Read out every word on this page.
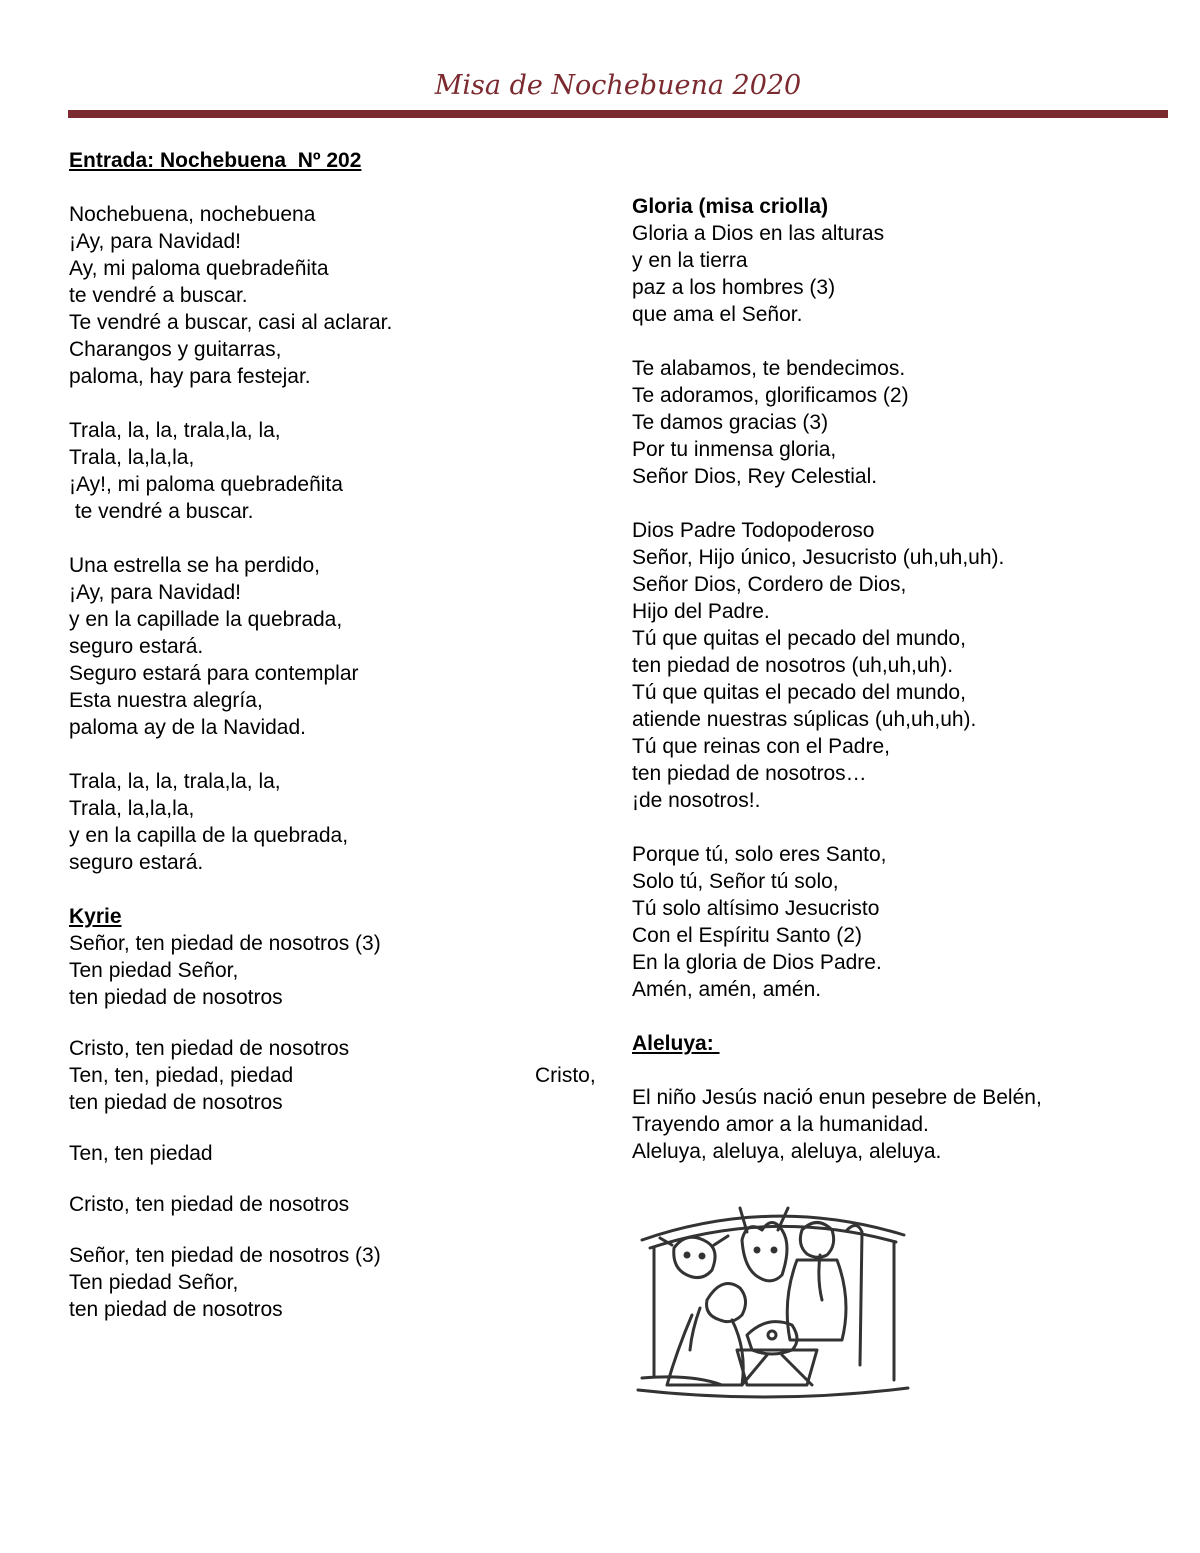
Misa de Nochebuena 2020
Entrada: Nochebuena  Nº 202
Nochebuena, nochebuena
¡Ay, para Navidad!
Ay, mi paloma quebradeñita
te vendré a buscar.
Te vendré a buscar, casi al aclarar.
Charangos y guitarras,
paloma, hay para festejar.
Trala, la, la, trala,la, la,
Trala, la,la,la,
¡Ay!, mi paloma quebradeñita
te vendré a buscar.
Una estrella se ha perdido,
¡Ay, para Navidad!
y en la capillade la quebrada,
seguro estará.
Seguro estará para contemplar
Esta nuestra alegría,
paloma ay de la Navidad.
Trala, la, la, trala,la, la,
Trala, la,la,la,
y en la capilla de la quebrada,
seguro estará.
Kyrie
Señor, ten piedad de nosotros (3)
Ten piedad Señor,
ten piedad de nosotros
Cristo, ten piedad de nosotros
Ten, ten, piedad, piedad
ten piedad de nosotros
Ten, ten piedad
Cristo, ten piedad de nosotros
Señor, ten piedad de nosotros (3)
Ten piedad Señor,
ten piedad de nosotros
Cristo,
Gloria (misa criolla)
Gloria a Dios en las alturas
y en la tierra
paz a los hombres (3)
que ama el Señor.
Te alabamos, te bendecimos.
Te adoramos, glorificamos (2)
Te damos gracias (3)
Por tu inmensa gloria,
Señor Dios, Rey Celestial.
Dios Padre Todopoderoso
Señor, Hijo único, Jesucristo (uh,uh,uh).
Señor Dios, Cordero de Dios,
Hijo del Padre.
Tú que quitas el pecado del mundo,
ten piedad de nosotros (uh,uh,uh).
Tú que quitas el pecado del mundo,
atiende nuestras súplicas (uh,uh,uh).
Tú que reinas con el Padre,
ten piedad de nosotros…
¡de nosotros!.
Porque tú, solo eres Santo,
Solo tú, Señor tú solo,
Tú solo altísimo Jesucristo
Con el Espíritu Santo (2)
En la gloria de Dios Padre.
Amén, amén, amén.
Aleluya:
El niño Jesús nació enun pesebre de Belén,
Trayendo amor a la humanidad.
Aleluya, aleluya, aleluya, aleluya.
